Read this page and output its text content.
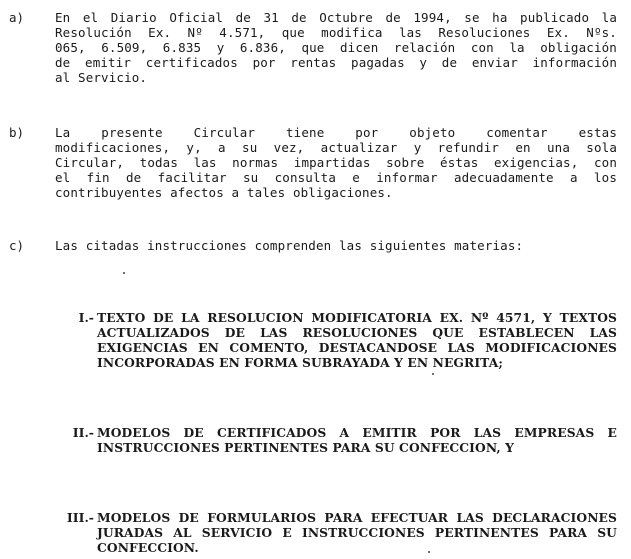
a) En el Diario Oficial de 31 de Octubre de 1994, se ha publicado la
Resolución Ex. Nº 4.571, que modifica las Resoluciones Ex. Nºs.
065, 6.509, 6.835 y 6.836, que dicen relación con la obligación
de emitir certificados por rentas pagadas y de enviar información
al Servicio.
b) La presente Circular tiene por objeto comentar estas
modificaciones, y, a su vez, actualizar y refundir en una sola
Circular, todas las normas impartidas sobre éstas exigencias, con
el fin de facilitar su consulta e informar adecuadamente a los
contribuyentes afectos a tales obligaciones.
c) Las citadas instrucciones comprenden las siguientes materias:
I.- TEXTO DE LA RESOLUCION MODIFICATORIA EX. Nº 4571, Y TEXTOS
ACTUALIZADOS DE LAS RESOLUCIONES QUE ESTABLECEN LAS
EXIGENCIAS EN COMENTO, DESTACANDOSE LAS MODIFICACIONES
INCORPORADAS EN FORMA SUBRAYADA Y EN NEGRITA;
II.- MODELOS DE CERTIFICADOS A EMITIR POR LAS EMPRESAS E
INSTRUCCIONES PERTINENTES PARA SU CONFECCION, Y
III.- MODELOS DE FORMULARIOS PARA EFECTUAR LAS DECLARACIONES
JURADAS AL SERVICIO E INSTRUCCIONES PERTINENTES PARA SU
CONFECCION.
